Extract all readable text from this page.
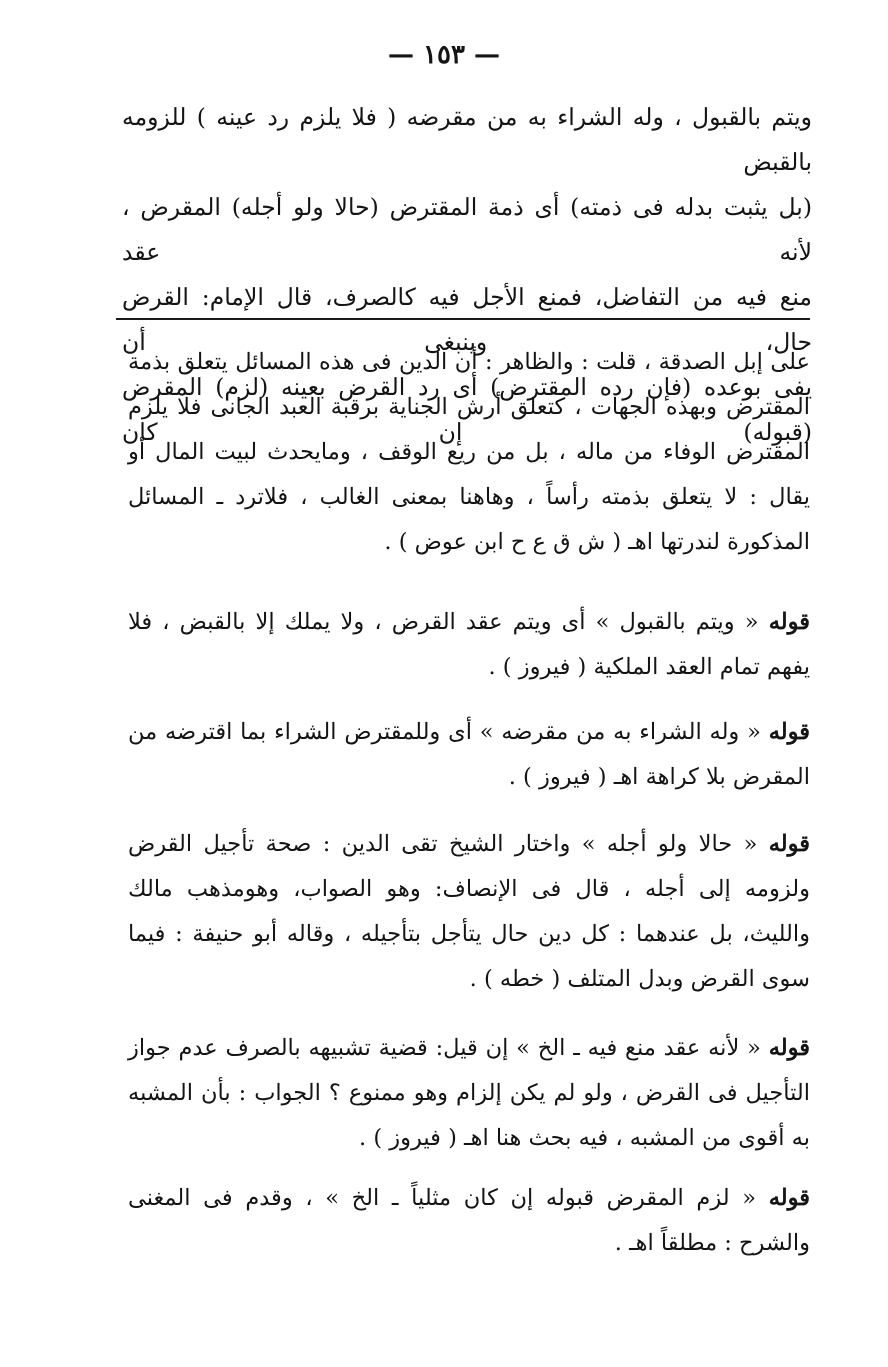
— ١٥٣ —
ويتم بالقبول ، وله الشراء به من مقرضه ( فلا يلزم رد عينه ) للزومه بالقبض
(بل يثبت بدله فى ذمته) أى ذمة المقترض (حالا ولو أجله) المقرض ، لأنه عقد
منع فيه من التفاضل، فمنع الأجل فيه كالصرف، قال الإمام: القرض حال، وينبغى أن
يفى بوعده (فإن رده المقترض) أى رد القرض بعينه (لزم) المقرض (قبوله) إن كان

على إبل الصدقة ، قلت : والظاهر : أن الدين فى هذه المسائل يتعلق بذمة المقترض وبهذه الجهات ، كتعلق أرش الجناية برقبة العبد الجانى فلا يلزم المقترض الوفاء من ماله ، بل من ريع الوقف ، ومايحدث لبيت المال أو يقال : لا يتعلق بذمته رأساً ، وهاهنا بمعنى الغالب ، فلاترد ـ المسائل المذكورة لندرتها اهـ ( ش ق ع ح ابن عوض ) .

قوله « ويتم بالقبول » أى ويتم عقد القرض ، ولا يملك إلا بالقبض ، فلا يفهم تمام العقد الملكية ( فيروز ) .

قوله « وله الشراء به من مقرضه » أى وللمقترض الشراء بما اقترضه من المقرض بلا كراهة اهـ ( فيروز ) .

قوله « حالا ولو أجله » واختار الشيخ تقى الدين : صحة تأجيل القرض ولزومه إلى أجله ، قال فى الإنصاف: وهو الصواب، وهومذهب مالك والليث، بل عندهما : كل دين حال يتأجل بتأجيله ، وقاله أبو حنيفة : فيما سوى القرض وبدل المتلف ( خطه ) .

قوله « لأنه عقد منع فيه ـ الخ » إن قيل: قضية تشبيهه بالصرف عدم جواز التأجيل فى القرض ، ولو لم يكن إلزام وهو ممنوع ؟ الجواب : بأن المشبه به أقوى من المشبه ، فيه بحث هنا اهـ ( فيروز ) .

قوله « لزم المقرض قبوله إن كان مثلياً ـ الخ » ، وقدم فى المغنى والشرح : مطلقاً اهـ .
